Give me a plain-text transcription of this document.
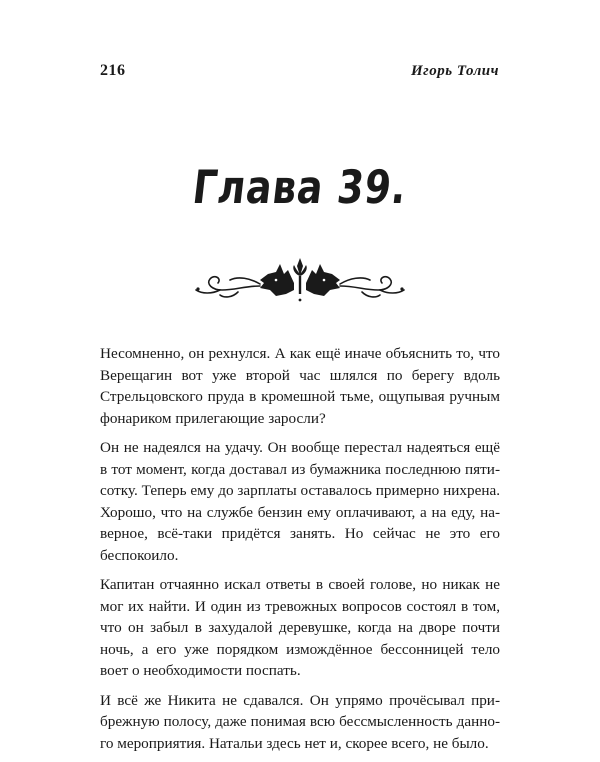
216	Игорь Толич
Глава 39.

Несомненно, он рехнулся. А как ещё иначе объяснить то, что Верещагин вот уже второй час шлялся по берегу вдоль Стрельцовского пруда в кромешной тьме, ощупывая ручным фонариком прилегающие заросли?

Он не надеялся на удачу. Он вообще перестал надеяться ещё в тот момент, когда доставал из бумажника последнюю пятисотку. Теперь ему до зарплаты оставалось примерно нихрена. Хорошо, что на службе бензин ему оплачивают, а на еду, наверное, всё-таки придётся занять. Но сейчас не это его беспокоило.

Капитан отчаянно искал ответы в своей голове, но никак не мог их найти. И один из тревожных вопросов состоял в том, что он забыл в захудалой деревушке, когда на дворе почти ночь, а его уже порядком измождённое бессонницей тело воет о необходимости поспать.

И всё же Никита не сдавался. Он упрямо прочёсывал прибрежную полосу, даже понимая всю бессмысленность данного мероприятия. Натальи здесь нет и, скорее всего, не было.
